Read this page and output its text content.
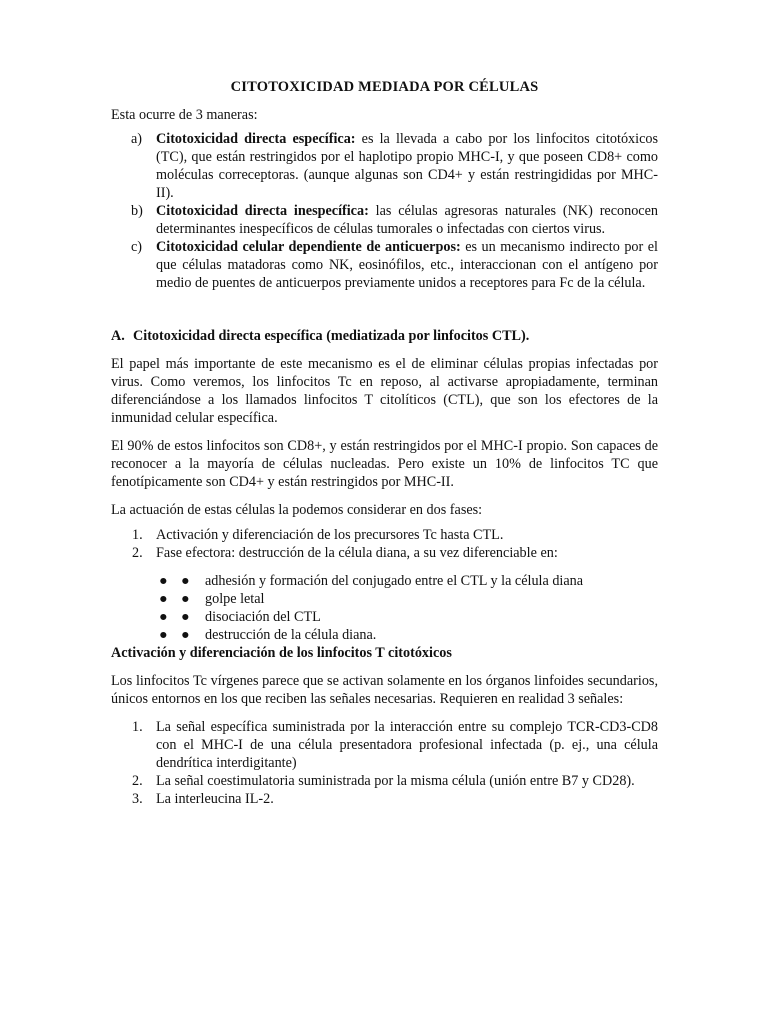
CITOTOXICIDAD MEDIADA POR CÉLULAS

Esta ocurre de 3 maneras:

a) Citotoxicidad directa específica: es la llevada a cabo por los linfocitos citotóxicos (TC), que están restringidos por el haplotipo propio MHC-I, y que poseen CD8+ como moléculas correceptoras. (aunque algunas son CD4+ y están restringididas por MHC-II).
b) Citotoxicidad directa inespecífica: las células agresoras naturales (NK) reconocen determinantes inespecíficos de células tumorales o infectadas con ciertos virus.
c) Citotoxicidad celular dependiente de anticuerpos: es un mecanismo indirecto por el que células matadoras como NK, eosinófilos, etc., interaccionan con el antígeno por medio de puentes de anticuerpos previamente unidos a receptores para Fc de la célula.

A. Citotoxicidad directa específica (mediatizada por linfocitos CTL).

El papel más importante de este mecanismo es el de eliminar células propias infectadas por virus. Como veremos, los linfocitos Tc en reposo, al activarse apropiadamente, terminan diferenciándose a los llamados linfocitos T citolíticos (CTL), que son los efectores de la inmunidad celular específica.

El 90% de estos linfocitos son CD8+, y están restringidos por el MHC-I propio. Son capaces de reconocer a la mayoría de células nucleadas. Pero existe un 10% de linfocitos TC que fenotípicamente son CD4+ y están restringidos por MHC-II.

La actuación de estas células la podemos considerar en dos fases:

1. Activación y diferenciación de los precursores Tc hasta CTL.
2. Fase efectora: destrucción de la célula diana, a su vez diferenciable en:
● ● adhesión y formación del conjugado entre el CTL y la célula diana
● ● golpe letal
● ● disociación del CTL
● ● destrucción de la célula diana.

Activación y diferenciación de los linfocitos T citotóxicos

Los linfocitos Tc vírgenes parece que se activan solamente en los órganos linfoides secundarios, únicos entornos en los que reciben las señales necesarias. Requieren en realidad 3 señales:

1. La señal específica suministrada por la interacción entre su complejo TCR-CD3-CD8 con el MHC-I de una célula presentadora profesional infectada (p. ej., una célula dendrítica interdigitante)
2. La señal coestimulatoria suministrada por la misma célula (unión entre B7 y CD28).
3. La interleucina IL-2.
